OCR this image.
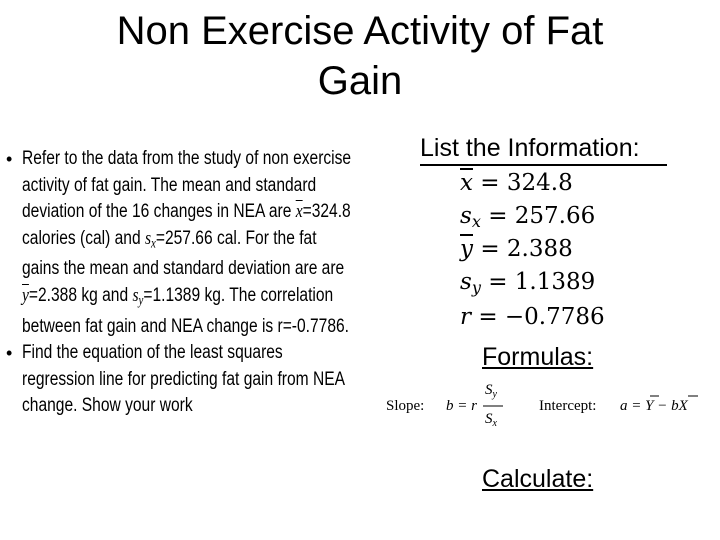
Non Exercise Activity of Fat
Gain
• Refer to the data from the study of non exercise
activity of fat gain. The mean and standard
deviation of the 16 changes in NEA are $\overline{x}=324.8$
calories (cal) and $s_x=257.66$ cal. For the fat
gains the mean and standard deviation are are
$\overline{y}=2.388$ kg and $s_y=1.1389$ kg. The correlation
between fat gain and NEA change is r=-0.7786.
• Find the equation of the least squares
regression line for predicting fat gain from NEA
change. Show your work
List the Information:
$\overline{x} = 324.8$
$s_x = 257.66$
$\overline{y} = 2.388$
$s_y = 1.1389$
r = −0.7786
Formulas:
Slope: b = r
$S_y$
$S_x$
Intercept: a = Y − bX
Calculate:
